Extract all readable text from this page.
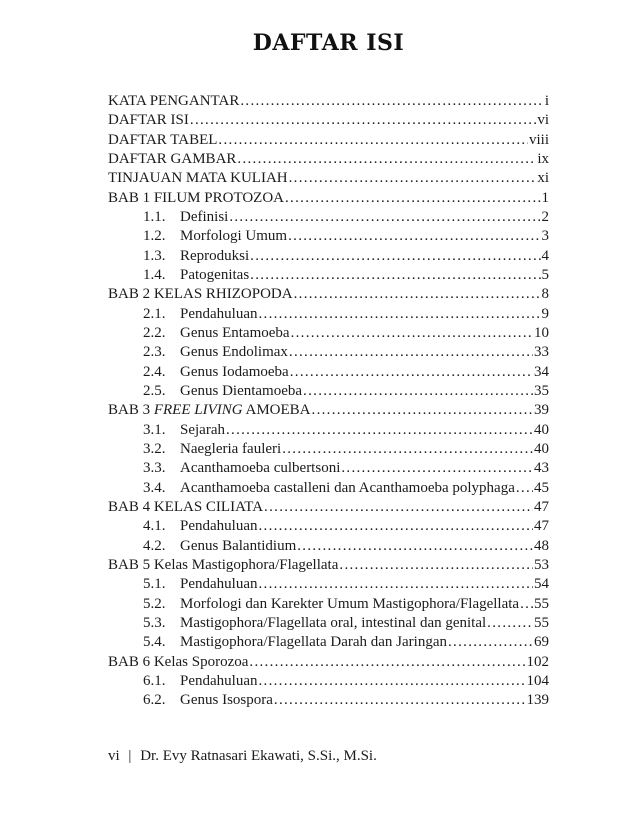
DAFTAR ISI
KATA PENGANTAR .....	i
DAFTAR ISI .....	vi
DAFTAR TABEL .....	viii
DAFTAR GAMBAR .....	ix
TINJAUAN MATA KULIAH .....	xi
BAB 1 FILUM PROTOZOA .....	1
1.1. Definisi .....	2
1.2. Morfologi Umum .....	3
1.3. Reproduksi .....	4
1.4. Patogenitas .....	5
BAB 2 KELAS RHIZOPODA .....	8
2.1. Pendahuluan .....	9
2.2. Genus Entamoeba .....	10
2.3. Genus Endolimax .....	33
2.4. Genus Iodamoeba .....	34
2.5. Genus Dientamoeba .....	35
BAB 3 FREE LIVING AMOEBA .....	39
3.1. Sejarah .....	40
3.2. Naegleria fauleri .....	40
3.3. Acanthamoeba culbertsoni .....	43
3.4. Acanthamoeba castalleni dan Acanthamoeba polyphaga ..... 45
BAB 4 KELAS CILIATA .....	47
4.1. Pendahuluan .....	47
4.2. Genus Balantidium .....	48
BAB 5 Kelas Mastigophora/Flagellata .....	53
5.1. Pendahuluan .....	54
5.2. Morfologi dan Karekter Umum Mastigophora/Flagellata ..... 55
5.3. Mastigophora/Flagellata oral, intestinal dan genital .....	55
5.4. Mastigophora/Flagellata Darah dan Jaringan .....	69
BAB 6 Kelas Sporozoa .....	102
6.1. Pendahuluan .....	104
6.2. Genus Isospora .....	139
vi | Dr. Evy Ratnasari Ekawati, S.Si., M.Si.
